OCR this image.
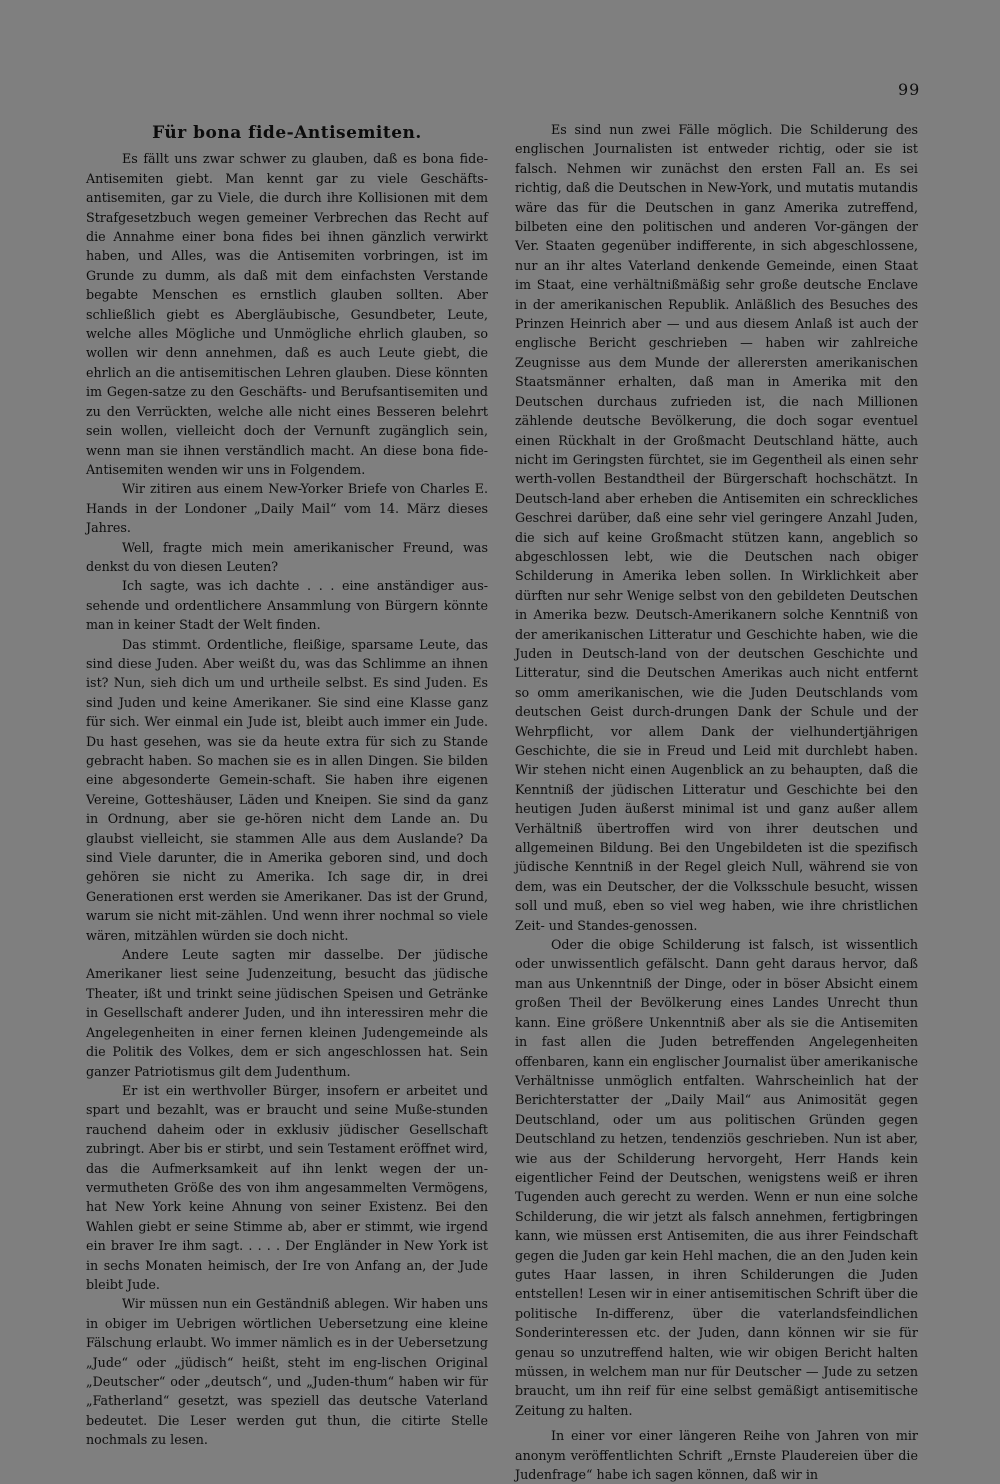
99
Für bona fide-Antisemiten.

Es fällt uns zwar schwer zu glauben, daß es bona fide-Antisemiten giebt. Man kennt gar zu viele Geschäfts-antisemiten, gar zu Viele, die durch ihre Kollisionen mit dem Strafgesetzbuch wegen gemeiner Verbrechen das Recht auf die Annahme einer bona fides bei ihnen gänzlich verwirkt haben, und Alles, was die Antisemiten vorbringen, ist im Grunde zu dumm, als daß mit dem einfachsten Verstande begabte Menschen es ernstlich glauben sollten. Aber schließlich giebt es Abergläubische, Gesundbeter, Leute, welche alles Mögliche und Unmögliche ehrlich glauben, so wollen wir denn annehmen, daß es auch Leute giebt, die ehrlich an die antisemitischen Lehren glauben. Diese könnten im Gegen-satze zu den Geschäfts- und Berufsantisemiten und zu den Verrückten, welche alle nicht eines Besseren belehrt sein wollen, vielleicht doch der Vernunft zugänglich sein, wenn man sie ihnen verständlich macht. An diese bona fide-Antisemiten wenden wir uns in Folgendem.

Wir zitiren aus einem New-Yorker Briefe von Charles E. Hands in der Londoner „Daily Mail“ vom 14. März dieses Jahres.

Well, fragte mich mein amerikanischer Freund, was denkst du von diesen Leuten?

Ich sagte, was ich dachte . . . eine anständiger aus-sehende und ordentlichere Ansammlung von Bürgern könnte man in keiner Stadt der Welt finden.

Das stimmt. Ordentliche, fleißige, sparsame Leute, das sind diese Juden. Aber weißt du, was das Schlimme an ihnen ist? Nun, sieh dich um und urtheile selbst. Es sind Juden. Es sind Juden und keine Amerikaner. Sie sind eine Klasse ganz für sich. Wer einmal ein Jude ist, bleibt auch immer ein Jude. Du hast gesehen, was sie da heute extra für sich zu Stande gebracht haben. So machen sie es in allen Dingen. Sie bilden eine abgesonderte Gemein-schaft. Sie haben ihre eigenen Vereine, Gotteshäuser, Läden und Kneipen. Sie sind da ganz in Ordnung, aber sie ge-hören nicht dem Lande an. Du glaubst vielleicht, sie stammen Alle aus dem Auslande? Da sind Viele darunter, die in Amerika geboren sind, und doch gehören sie nicht zu Amerika. Ich sage dir, in drei Generationen erst werden sie Amerikaner. Das ist der Grund, warum sie nicht mit-zählen. Und wenn ihrer nochmal so viele wären, mitzählen würden sie doch nicht.

Andere Leute sagten mir dasselbe. Der jüdische Amerikaner liest seine Judenzeitung, besucht das jüdische Theater, ißt und trinkt seine jüdischen Speisen und Getränke in Gesellschaft anderer Juden, und ihn interessiren mehr die Angelegenheiten in einer fernen kleinen Judengemeinde als die Politik des Volkes, dem er sich angeschlossen hat. Sein ganzer Patriotismus gilt dem Judenthum.

Er ist ein werthvoller Bürger, insofern er arbeitet und spart und bezahlt, was er braucht und seine Muße-stunden rauchend daheim oder in exklusiv jüdischer Gesellschaft zubringt. Aber bis er stirbt, und sein Testament eröffnet wird, das die Aufmerksamkeit auf ihn lenkt wegen der un-vermutheten Größe des von ihm angesammelten Vermögens, hat New York keine Ahnung von seiner Existenz. Bei den Wahlen giebt er seine Stimme ab, aber er stimmt, wie irgend ein braver Ire ihm sagt. . . . . Der Engländer in New York ist in sechs Monaten heimisch, der Ire von Anfang an, der Jude bleibt Jude.

Wir müssen nun ein Geständniß ablegen. Wir haben uns in obiger im Uebrigen wörtlichen Uebersetzung eine kleine Fälschung erlaubt. Wo immer nämlich es in der Uebersetzung „Jude“ oder „jüdisch“ heißt, steht im eng-lischen Original „Deutscher“ oder „deutsch“, und „Juden-thum“ haben wir für „Fatherland“ gesetzt, was speziell das deutsche Vaterland bedeutet. Die Leser werden gut thun, die citirte Stelle nochmals zu lesen.

Es sind nun zwei Fälle möglich. Die Schilderung des englischen Journalisten ist entweder richtig, oder sie ist falsch. Nehmen wir zunächst den ersten Fall an. Es sei richtig, daß die Deutschen in New-York, und mutatis mutandis wäre das für die Deutschen in ganz Amerika zutreffend, bilbeten eine den politischen und anderen Vor-gängen der Ver. Staaten gegenüber indifferente, in sich abgeschlossene, nur an ihr altes Vaterland denkende Gemeinde, einen Staat im Staat, eine verhältnißmäßig sehr große deutsche Enclave in der amerikanischen Republik. Anläßlich des Besuches des Prinzen Heinrich aber — und aus diesem Anlaß ist auch der englische Bericht geschrieben — haben wir zahlreiche Zeugnisse aus dem Munde der allerersten amerikanischen Staatsmänner erhalten, daß man in Amerika mit den Deutschen durchaus zufrieden ist, die nach Millionen zählende deutsche Bevölkerung, die doch sogar eventuel einen Rückhalt in der Großmacht Deutschland hätte, auch nicht im Geringsten fürchtet, sie im Gegentheil als einen sehr werth-vollen Bestandtheil der Bürgerschaft hochschätzt. In Deutsch-land aber erheben die Antisemiten ein schreckliches Geschrei darüber, daß eine sehr viel geringere Anzahl Juden, die sich auf keine Großmacht stützen kann, angeblich so abgeschlossen lebt, wie die Deutschen nach obiger Schilderung in Amerika leben sollen. In Wirklichkeit aber dürften nur sehr Wenige selbst von den gebildeten Deutschen in Amerika bezw. Deutsch-Amerikanern solche Kenntniß von der amerikanischen Litteratur und Geschichte haben, wie die Juden in Deutsch-land von der deutschen Geschichte und Litteratur, sind die Deutschen Amerikas auch nicht entfernt so omm amerikanischen, wie die Juden Deutschlands vom deutschen Geist durch-drungen Dank der Schule und der Wehrpflicht, vor allem Dank der vielhundertjährigen Geschichte, die sie in Freud und Leid mit durchlebt haben. Wir stehen nicht einen Augenblick an zu behaupten, daß die Kenntniß der jüdischen Litteratur und Geschichte bei den heutigen Juden äußerst minimal ist und ganz außer allem Verhältniß übertroffen wird von ihrer deutschen und allgemeinen Bildung. Bei den Ungebildeten ist die spezifisch jüdische Kenntniß in der Regel gleich Null, während sie von dem, was ein Deutscher, der die Volksschule besucht, wissen soll und muß, eben so viel weg haben, wie ihre christlichen Zeit- und Standes-genossen.

Oder die obige Schilderung ist falsch, ist wissentlich oder unwissentlich gefälscht. Dann geht daraus hervor, daß man aus Unkenntniß der Dinge, oder in böser Absicht einem großen Theil der Bevölkerung eines Landes Unrecht thun kann. Eine größere Unkenntniß aber als sie die Antisemiten in fast allen die Juden betreffenden Angelegenheiten offenbaren, kann ein englischer Journalist über amerikanische Verhältnisse unmöglich entfalten. Wahrscheinlich hat der Berichterstatter der „Daily Mail“ aus Animosität gegen Deutschland, oder um aus politischen Gründen gegen Deutschland zu hetzen, tendenziös geschrieben. Nun ist aber, wie aus der Schilderung hervorgeht, Herr Hands kein eigentlicher Feind der Deutschen, wenigstens weiß er ihren Tugenden auch gerecht zu werden. Wenn er nun eine solche Schilderung, die wir jetzt als falsch annehmen, fertigbringen kann, wie müssen erst Antisemiten, die aus ihrer Feindschaft gegen die Juden gar kein Hehl machen, die an den Juden kein gutes Haar lassen, in ihren Schilderungen die Juden entstellen! Lesen wir in einer antisemitischen Schrift über die politische In-differenz, über die vaterlandsfeindlichen Sonderinteressen etc. der Juden, dann können wir sie für genau so unzutreffend halten, wie wir obigen Bericht halten müssen, in welchem man nur für Deutscher — Jude zu setzen braucht, um ihn reif für eine selbst gemäßigt antisemitische Zeitung zu halten.

In einer vor einer längeren Reihe von Jahren von mir anonym veröffentlichten Schrift „Ernste Plaudereien über die Judenfrage“ habe ich sagen können, daß wir in
